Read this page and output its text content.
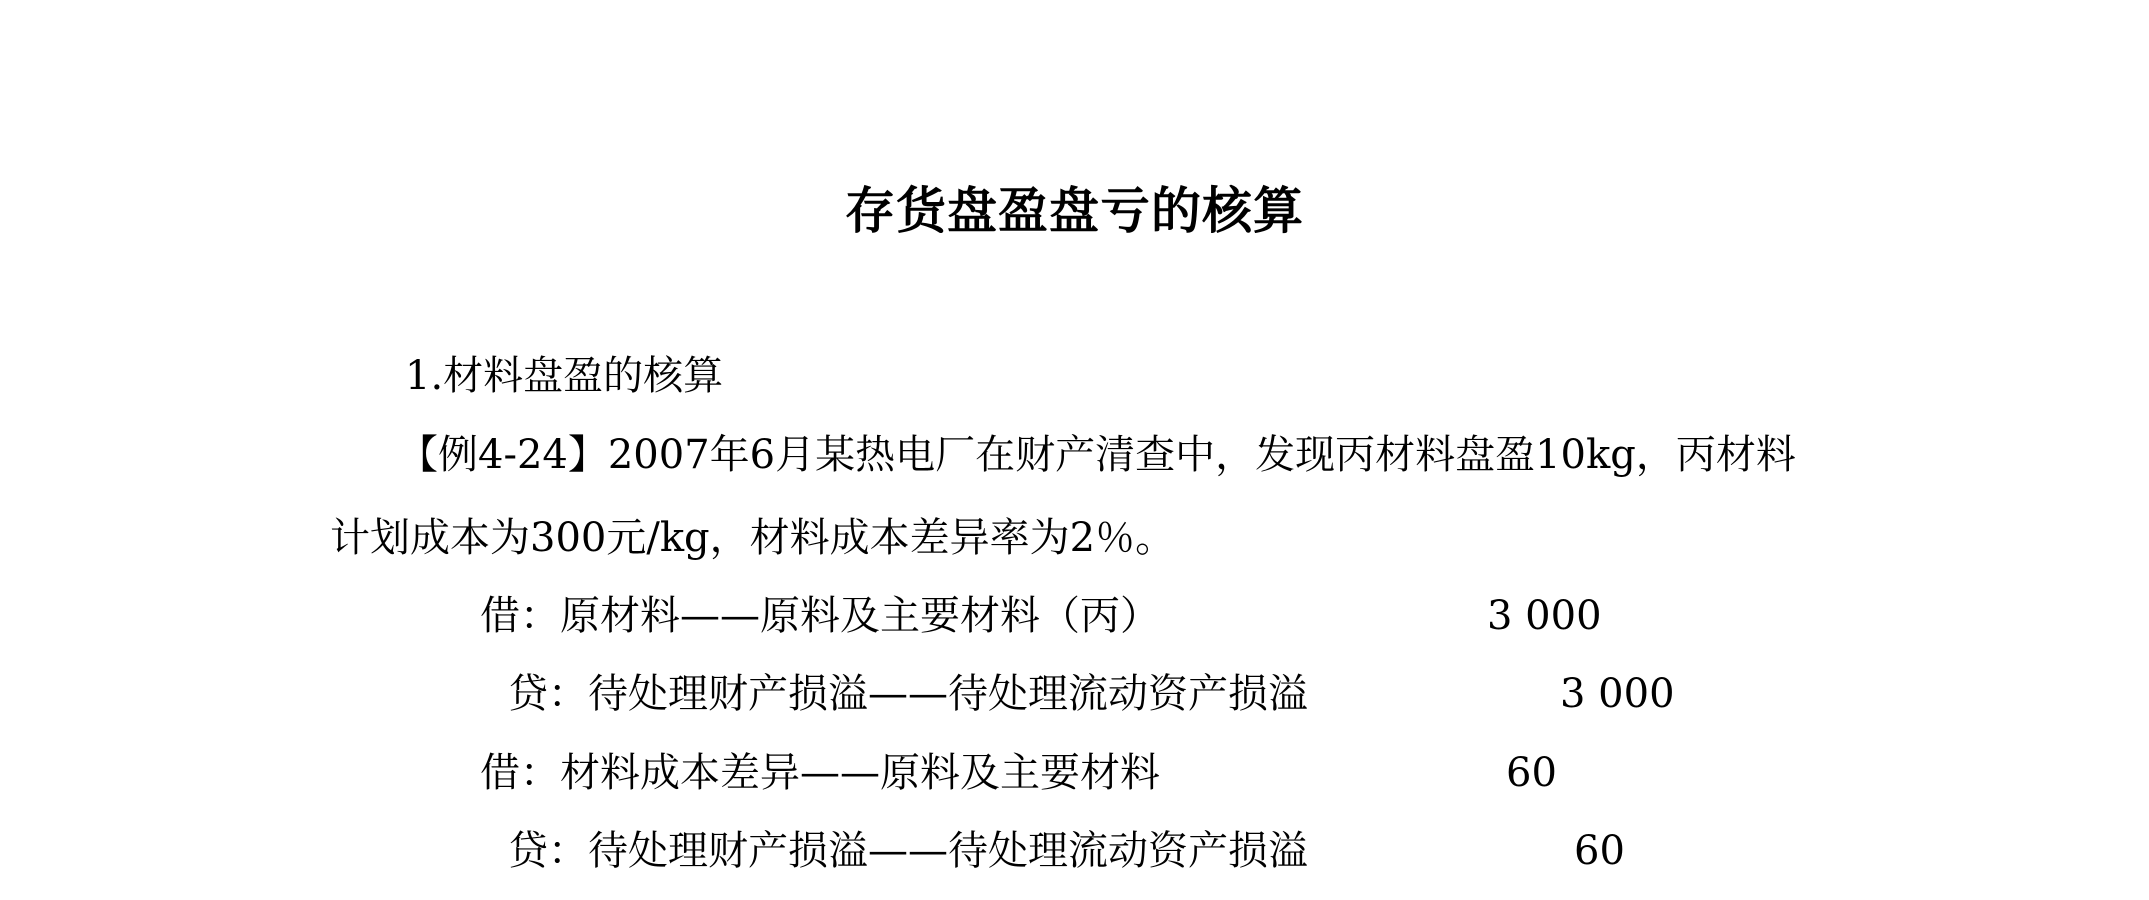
存货盘盈盘亏的核算
1.材料盘盈的核算
【例4-24】2007年6月某热电厂在财产清查中，发现丙材料盘盈10kg，丙材料
计划成本为300元/kg，材料成本差异率为2％。
借：原材料——原料及主要材料（丙）	3 000
贷：待处理财产损溢——待处理流动资产损溢	3 000
借：材料成本差异——原料及主要材料	60
贷：待处理财产损溢——待处理流动资产损溢	60
